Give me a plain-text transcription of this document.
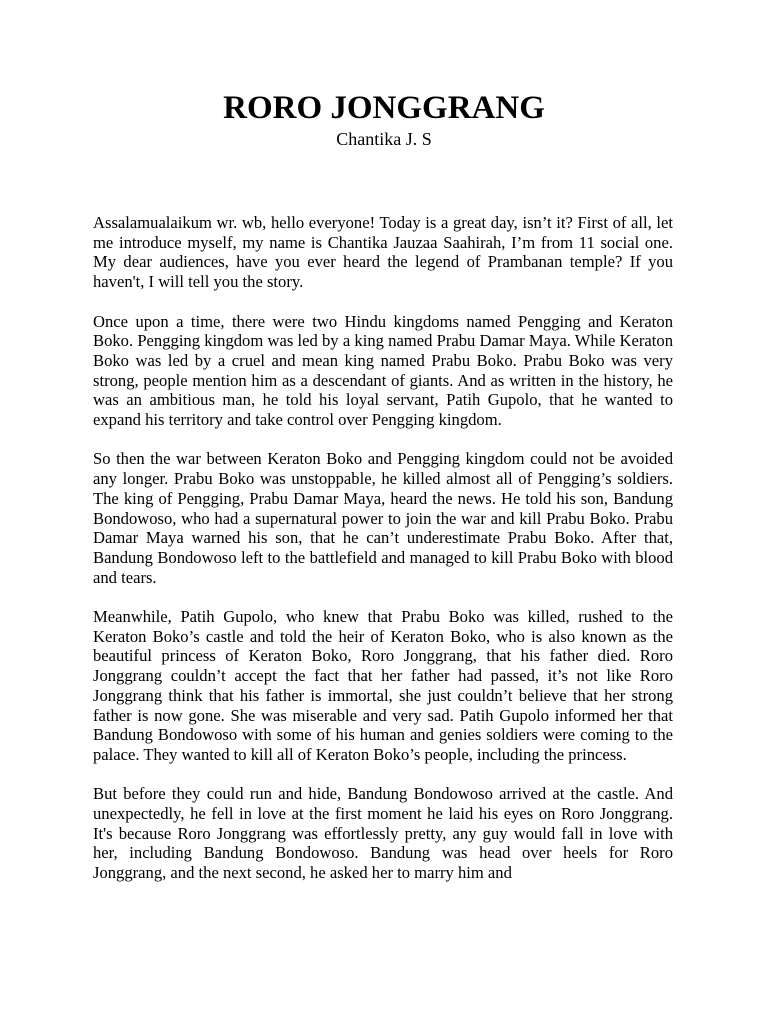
RORO JONGGRANG
Chantika J. S

Assalamualaikum wr. wb, hello everyone! Today is a great day, isn’t it? First of all, let me introduce myself, my name is Chantika Jauzaa Saahirah, I’m from 11 social one. My dear audiences, have you ever heard the legend of Prambanan temple? If you haven't, I will tell you the story.

Once upon a time, there were two Hindu kingdoms named Pengging and Keraton Boko. Pengging kingdom was led by a king named Prabu Damar Maya. While Keraton Boko was led by a cruel and mean king named Prabu Boko. Prabu Boko was very strong, people mention him as a descendant of giants. And as written in the history, he was an ambitious man, he told his loyal servant, Patih Gupolo, that he wanted to expand his territory and take control over Pengging kingdom.

So then the war between Keraton Boko and Pengging kingdom could not be avoided any longer. Prabu Boko was unstoppable, he killed almost all of Pengging’s soldiers. The king of Pengging, Prabu Damar Maya, heard the news. He told his son, Bandung Bondowoso, who had a supernatural power to join the war and kill Prabu Boko. Prabu Damar Maya warned his son, that he can’t underestimate Prabu Boko. After that, Bandung Bondowoso left to the battlefield and managed to kill Prabu Boko with blood and tears.

Meanwhile, Patih Gupolo, who knew that Prabu Boko was killed, rushed to the Keraton Boko’s castle and told the heir of Keraton Boko, who is also known as the beautiful princess of Keraton Boko, Roro Jonggrang, that his father died. Roro Jonggrang couldn’t accept the fact that her father had passed, it’s not like Roro Jonggrang think that his father is immortal, she just couldn’t believe that her strong father is now gone. She was miserable and very sad. Patih Gupolo informed her that Bandung Bondowoso with some of his human and genies soldiers were coming to the palace. They wanted to kill all of Keraton Boko’s people, including the princess.

But before they could run and hide, Bandung Bondowoso arrived at the castle. And unexpectedly, he fell in love at the first moment he laid his eyes on Roro Jonggrang. It's because Roro Jonggrang was effortlessly pretty, any guy would fall in love with her, including Bandung Bondowoso. Bandung was head over heels for Roro Jonggrang, and the next second, he asked her to marry him and
